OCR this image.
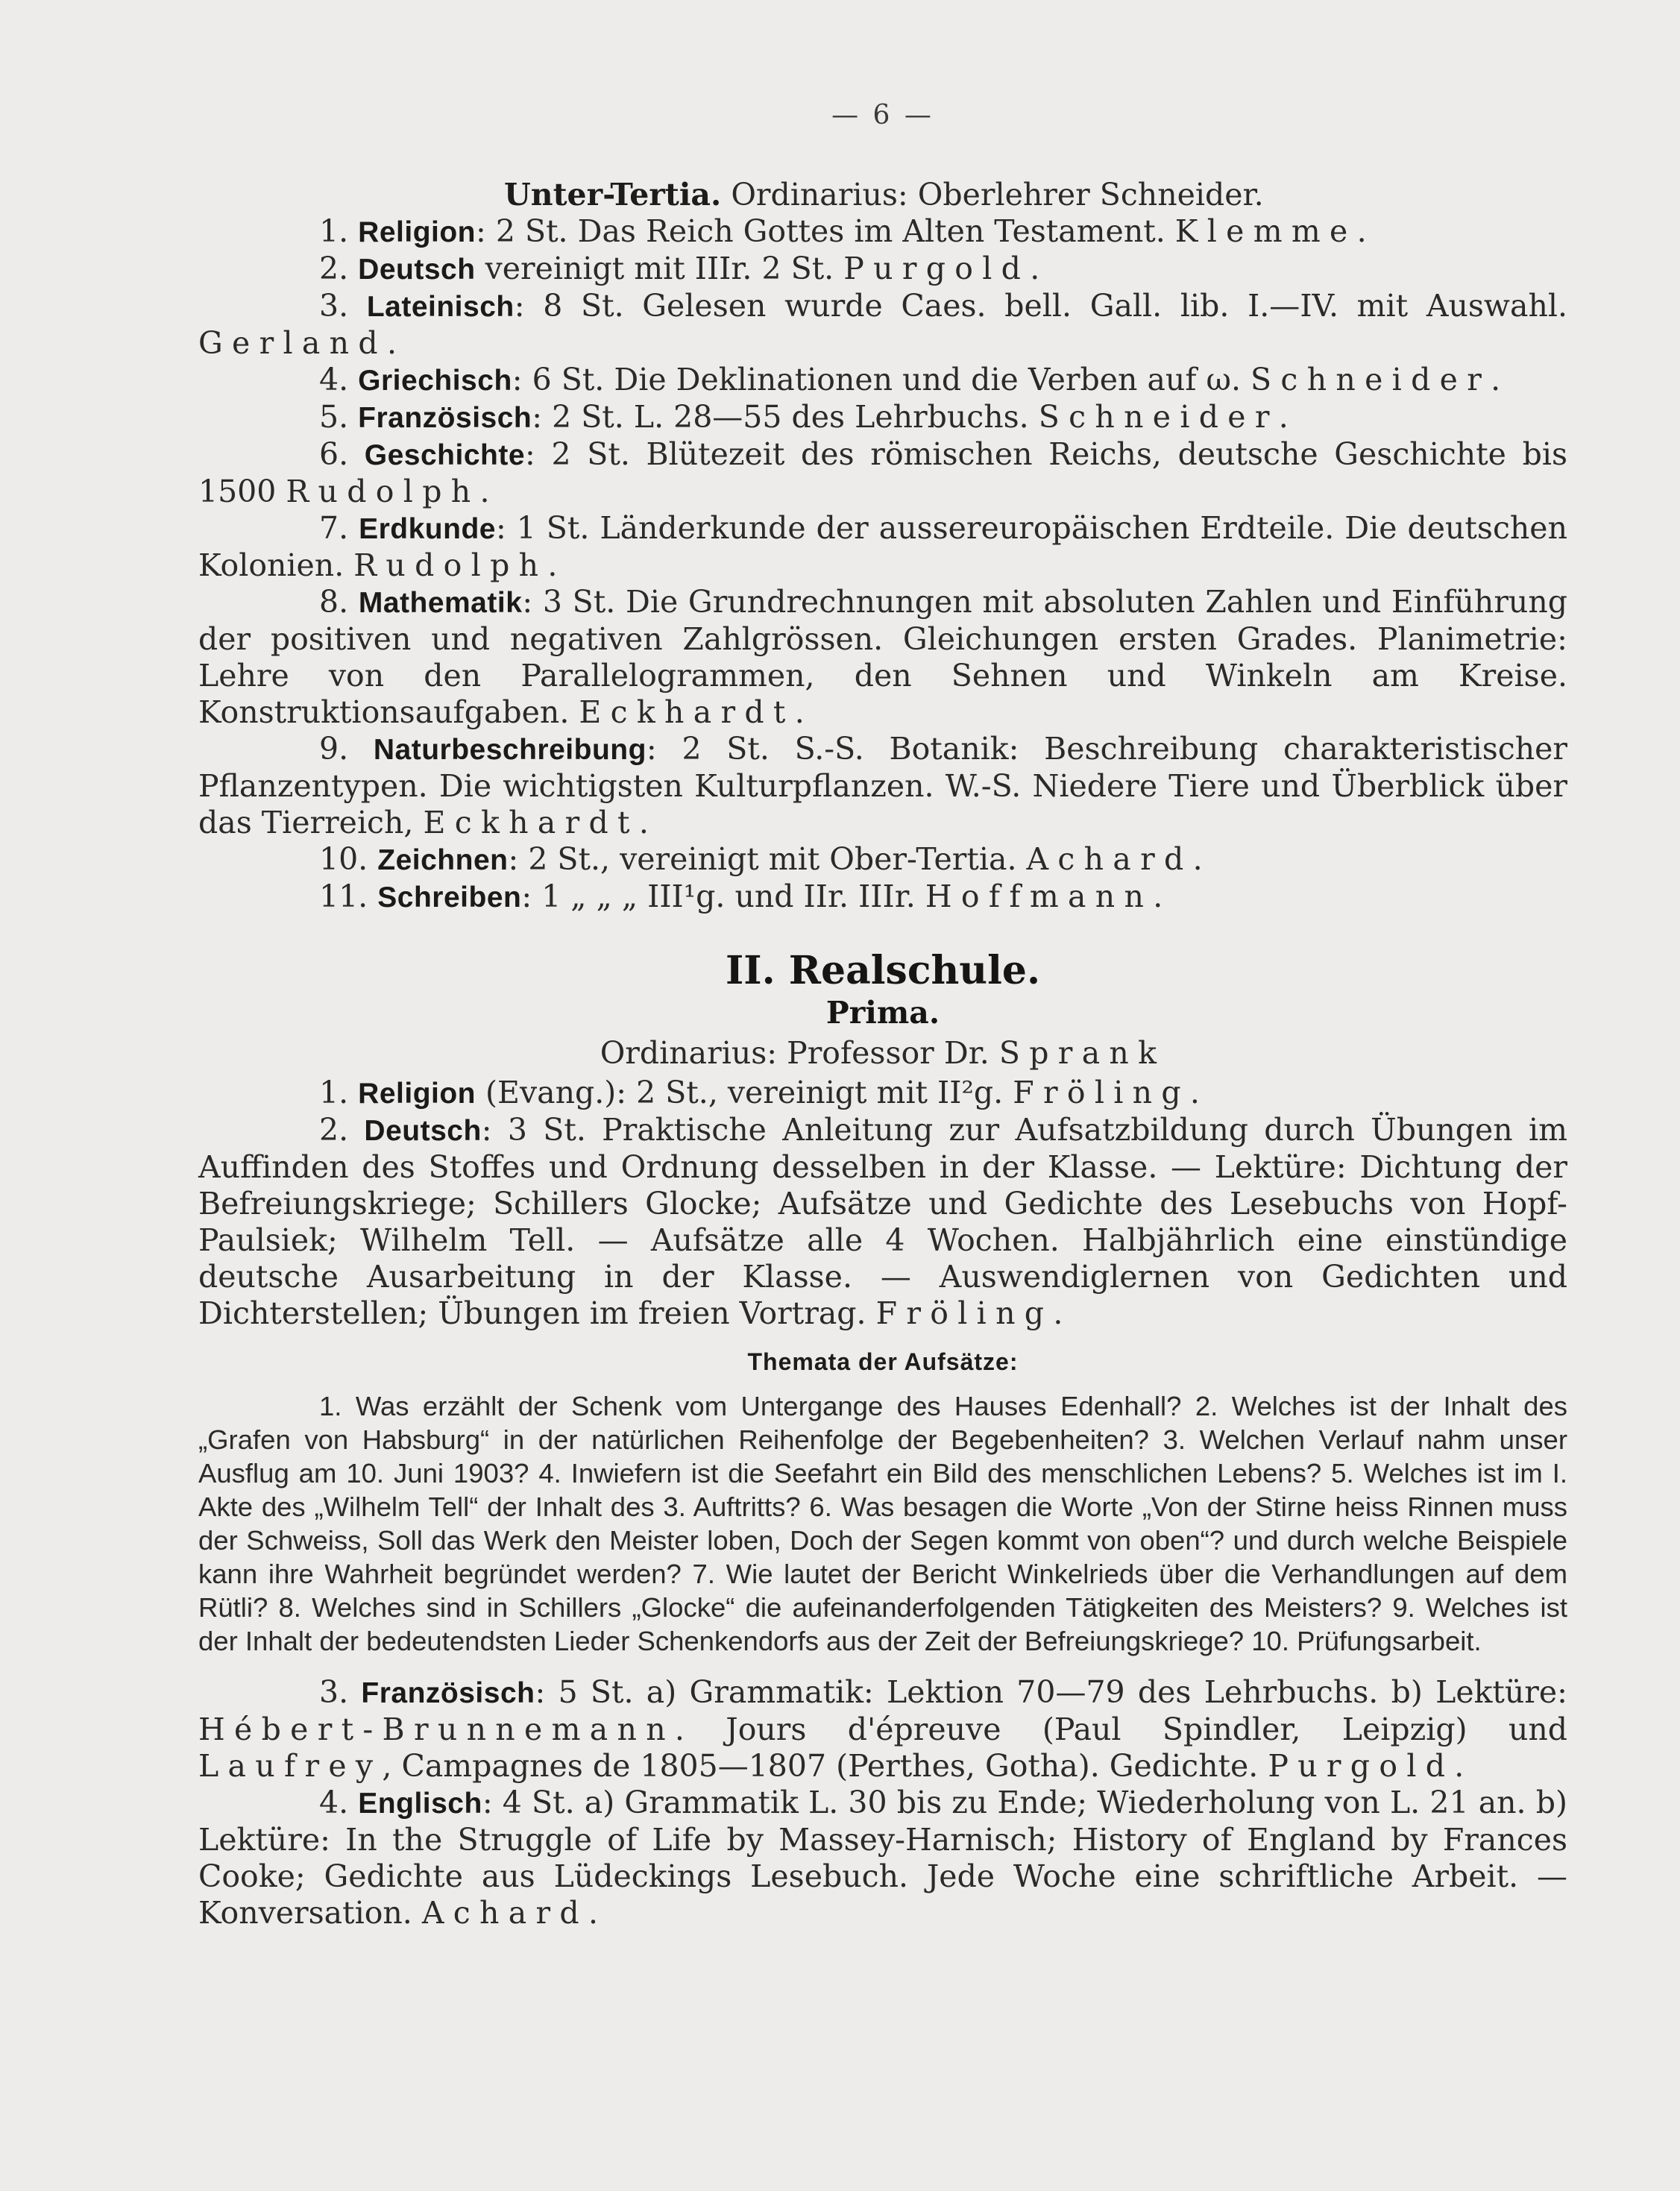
— 6 —

Unter-Tertia. Ordinarius: Oberlehrer Schneider.

1. Religion: 2 St. Das Reich Gottes im Alten Testament. Klemme.

2. Deutsch vereinigt mit IIIr. 2 St. Purgold.

3. Lateinisch: 8 St. Gelesen wurde Caes. bell. Gall. lib. I.—IV. mit Auswahl. Gerland.

4. Griechisch: 6 St. Die Deklinationen und die Verben auf ω. Schneider.

5. Französisch: 2 St. L. 28—55 des Lehrbuchs. Schneider.

6. Geschichte: 2 St. Blütezeit des römischen Reichs, deutsche Geschichte bis 1500 Rudolph.

7. Erdkunde: 1 St. Länderkunde der aussereuropäischen Erdteile. Die deutschen Kolonien. Rudolph.

8. Mathematik: 3 St. Die Grundrechnungen mit absoluten Zahlen und Einführung der positiven und negativen Zahlgrössen. Gleichungen ersten Grades. Planimetrie: Lehre von den Parallelogrammen, den Sehnen und Winkeln am Kreise. Konstruktionsaufgaben. Eckhardt.

9. Naturbeschreibung: 2 St. S.-S. Botanik: Beschreibung charakteristischer Pflanzentypen. Die wichtigsten Kulturpflanzen. W.-S. Niedere Tiere und Überblick über das Tierreich, Eckhardt.

10. Zeichnen: 2 St., vereinigt mit Ober-Tertia. Achard.

11. Schreiben: 1 „ „ „ III¹g. und IIr. IIIr. Hoffmann.

II. Realschule.
Prima.
Ordinarius: Professor Dr. Sprank

1. Religion (Evang.): 2 St., vereinigt mit II²g. Fröling.

2. Deutsch: 3 St. Praktische Anleitung zur Aufsatzbildung durch Übungen im Auffinden des Stoffes und Ordnung desselben in der Klasse. — Lektüre: Dichtung der Befreiungskriege; Schillers Glocke; Aufsätze und Gedichte des Lesebuchs von Hopf-Paulsiek; Wilhelm Tell. — Aufsätze alle 4 Wochen. Halbjährlich eine einstündige deutsche Ausarbeitung in der Klasse. — Auswendiglernen von Gedichten und Dichterstellen; Übungen im freien Vortrag. Fröling.

Themata der Aufsätze:

1. Was erzählt der Schenk vom Untergange des Hauses Edenhall? 2. Welches ist der Inhalt des „Grafen von Habsburg“ in der natürlichen Reihenfolge der Begebenheiten? 3. Welchen Verlauf nahm unser Ausflug am 10. Juni 1903? 4. Inwiefern ist die Seefahrt ein Bild des menschlichen Lebens? 5. Welches ist im I. Akte des „Wilhelm Tell“ der Inhalt des 3. Auftritts? 6. Was besagen die Worte „Von der Stirne heiss Rinnen muss der Schweiss, Soll das Werk den Meister loben, Doch der Segen kommt von oben“? und durch welche Beispiele kann ihre Wahrheit begründet werden? 7. Wie lautet der Bericht Winkelrieds über die Verhandlungen auf dem Rütli? 8. Welches sind in Schillers „Glocke“ die aufeinanderfolgenden Tätigkeiten des Meisters? 9. Welches ist der Inhalt der bedeutendsten Lieder Schenkendorfs aus der Zeit der Befreiungskriege? 10. Prüfungsarbeit.

3. Französisch: 5 St. a) Grammatik: Lektion 70—79 des Lehrbuchs. b) Lektüre: Hébert-Brunnemann. Jours d'épreuve (Paul Spindler, Leipzig) und Laufrey, Campagnes de 1805—1807 (Perthes, Gotha). Gedichte. Purgold.

4. Englisch: 4 St. a) Grammatik L. 30 bis zu Ende; Wiederholung von L. 21 an. b) Lektüre: In the Struggle of Life by Massey-Harnisch; History of England by Frances Cooke; Gedichte aus Lüdeckings Lesebuch. Jede Woche eine schriftliche Arbeit. — Konversation. Achard.
